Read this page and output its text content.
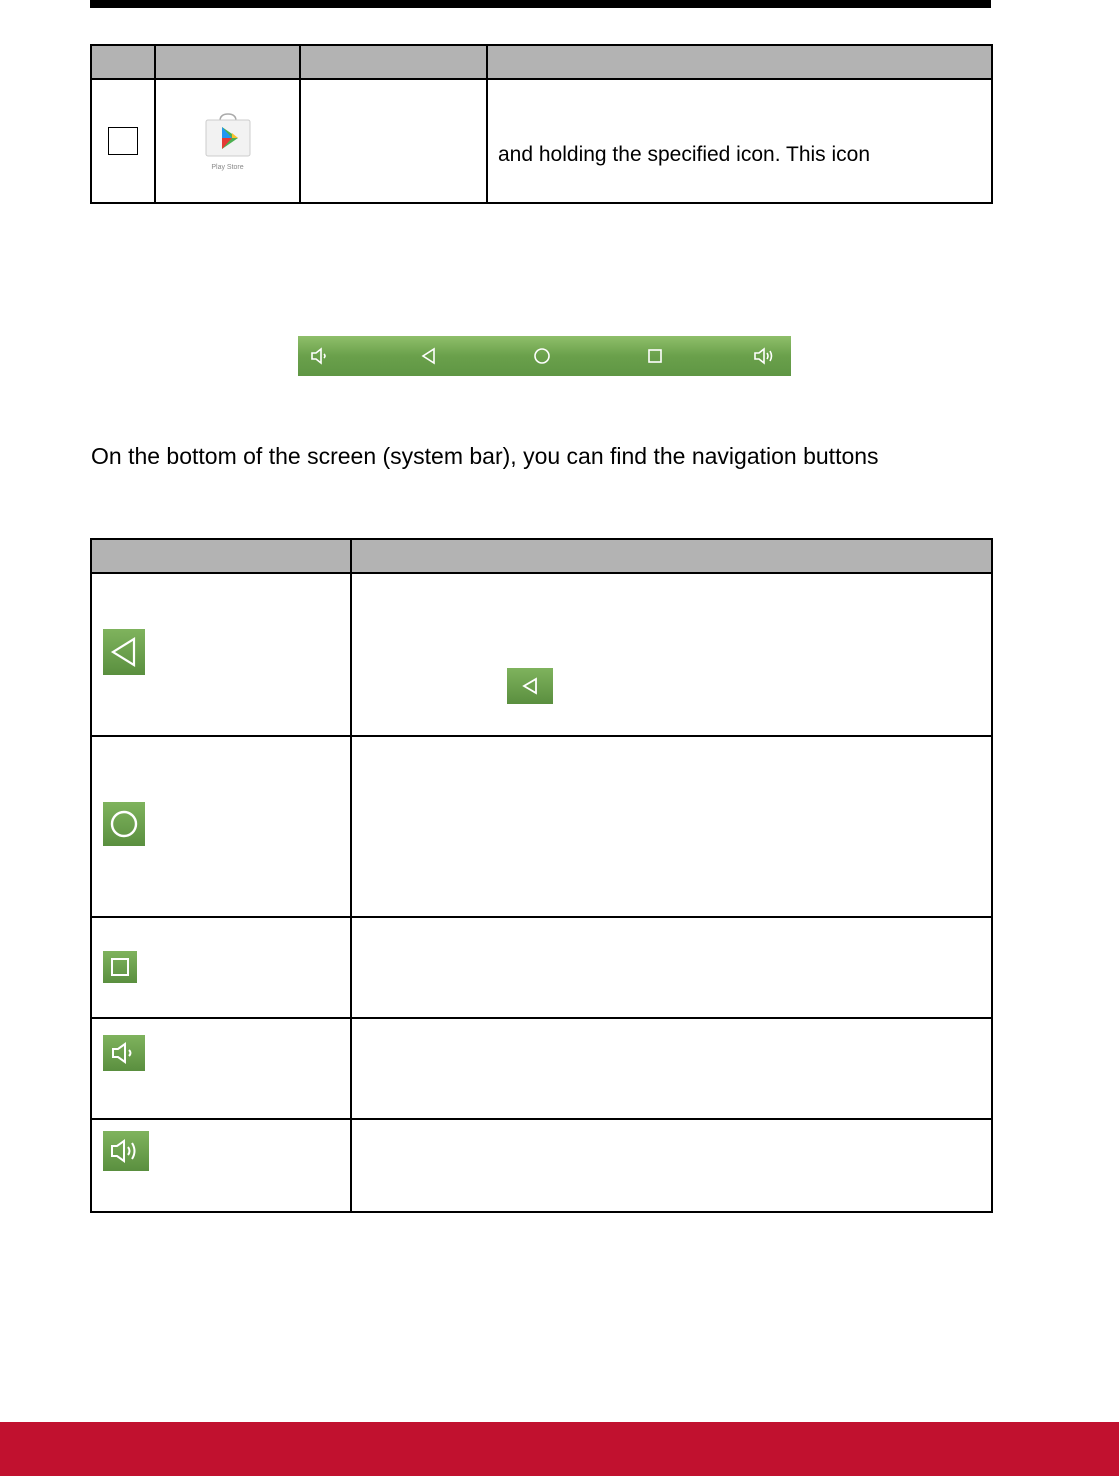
	Play Store		and holding the specified icon. This icon

On the bottom of the screen (system bar), you can find the navigation buttons
